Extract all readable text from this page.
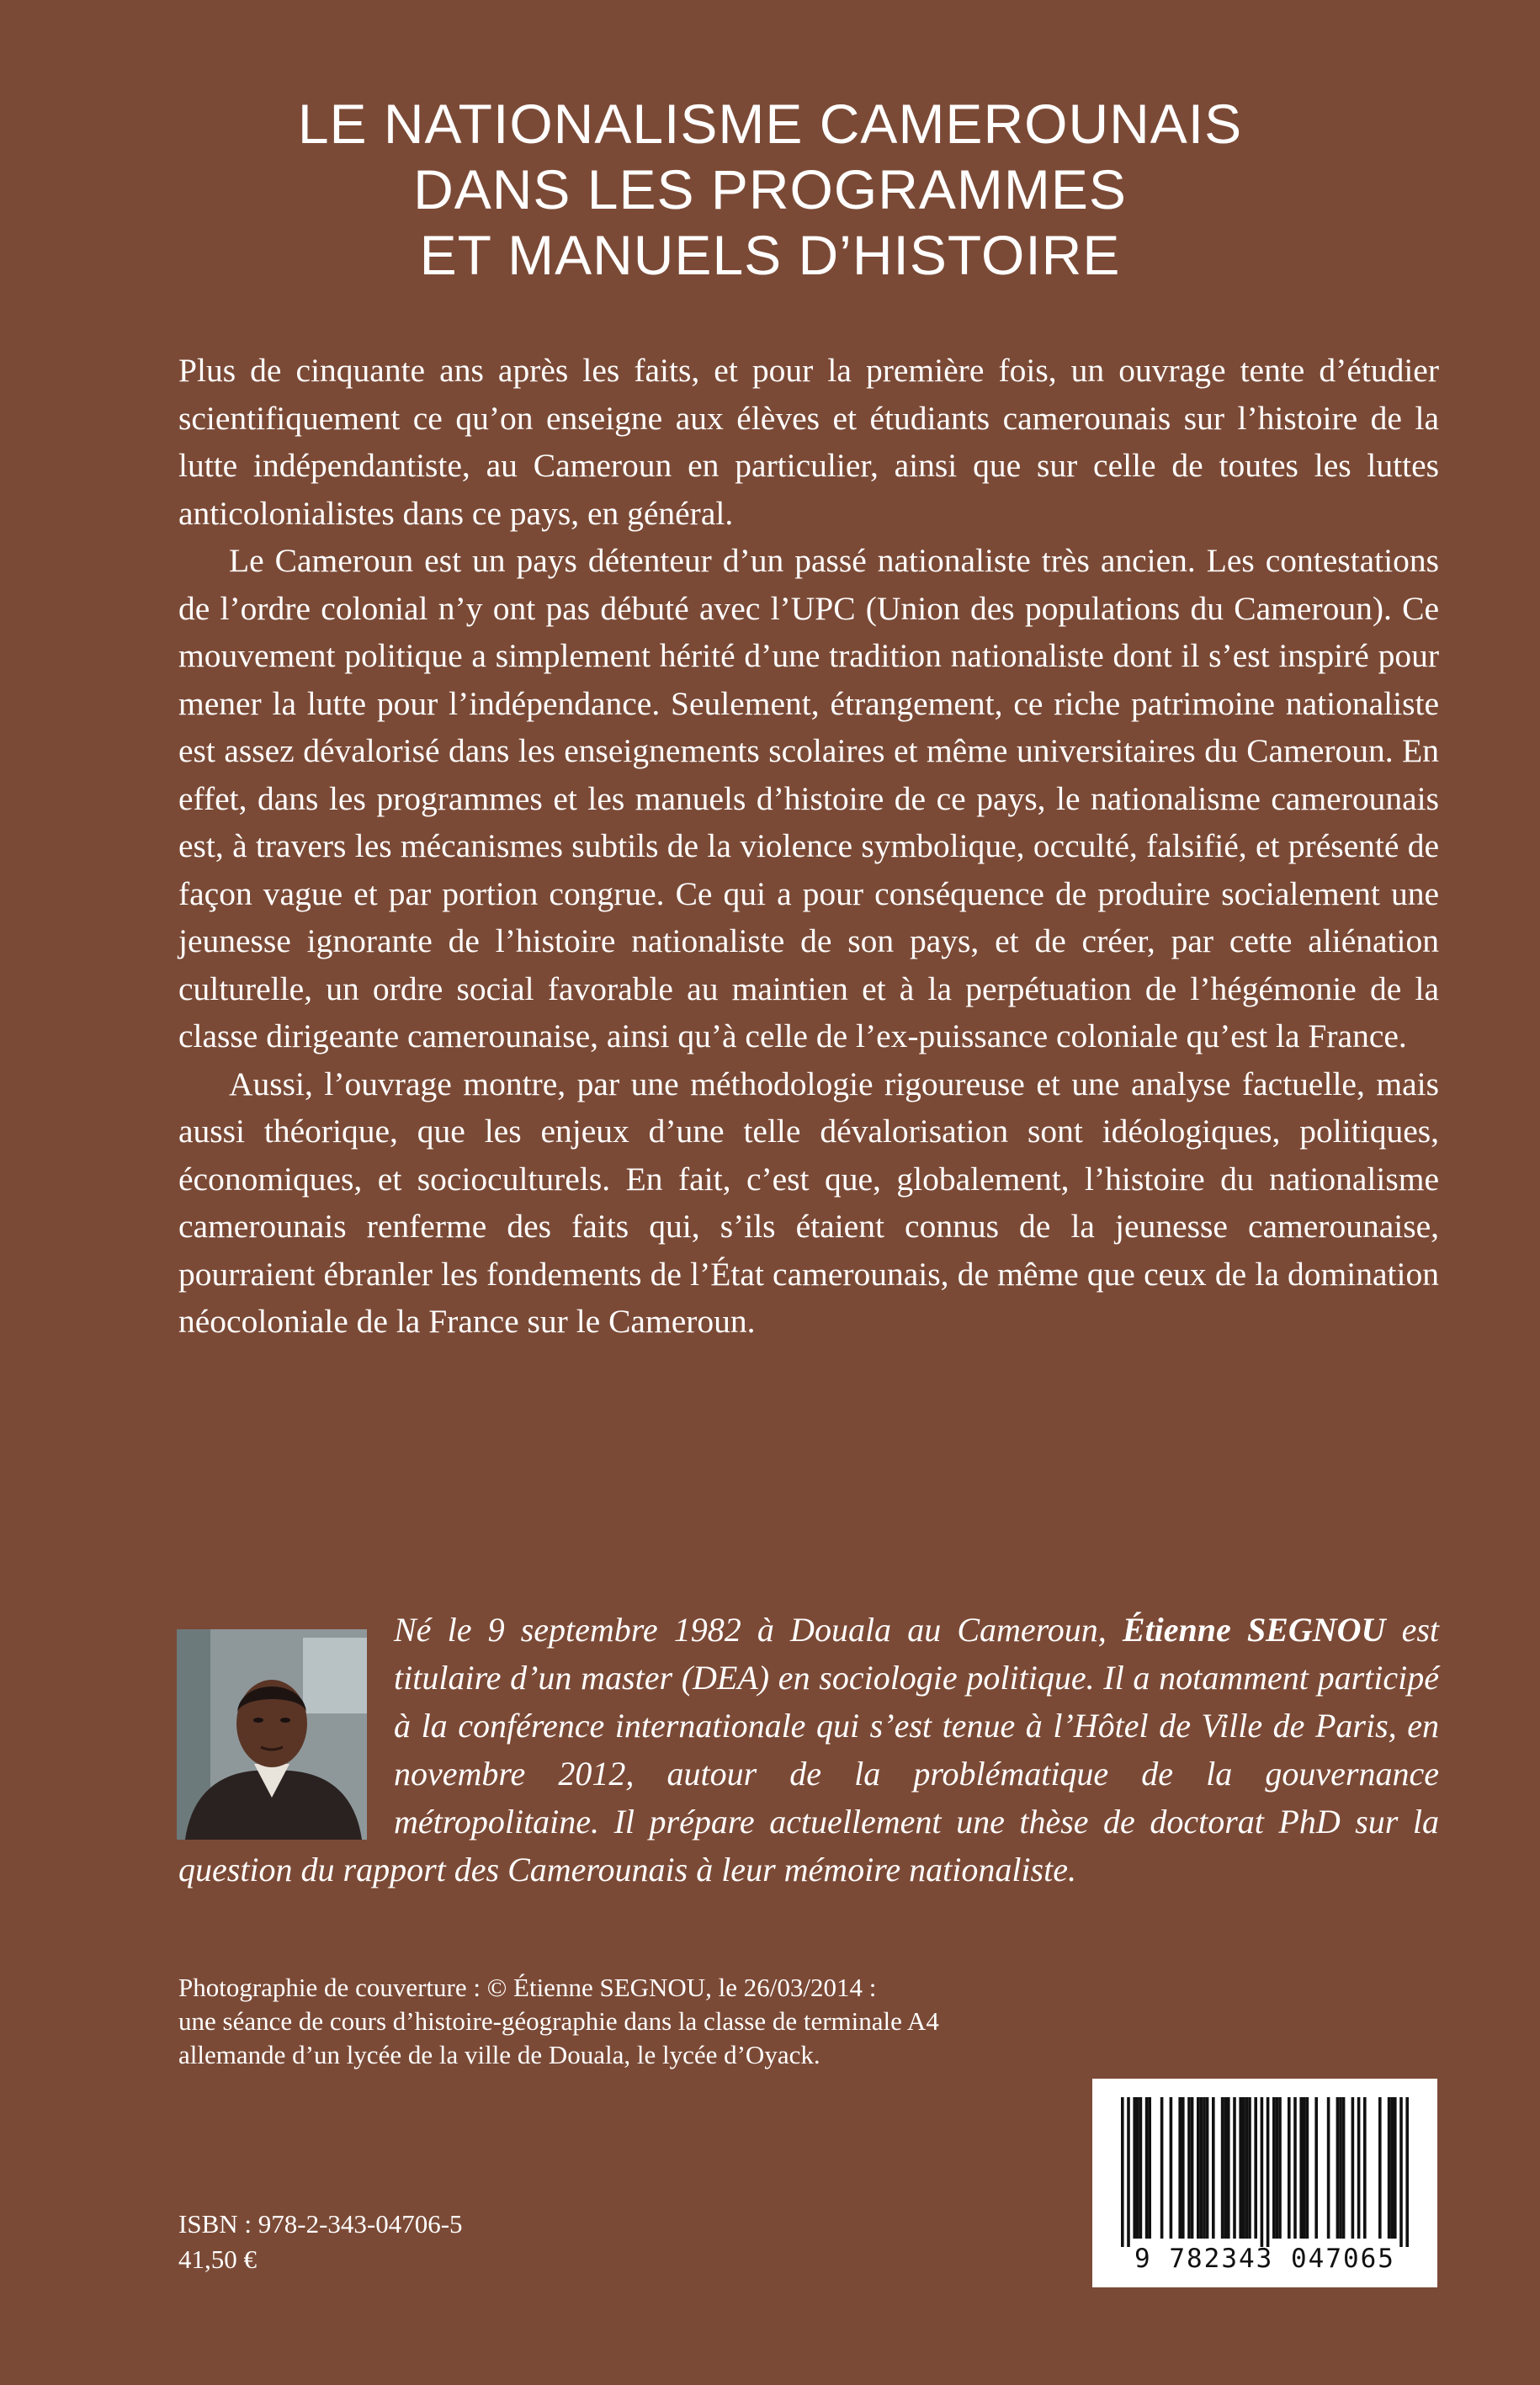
LE NATIONALISME CAMEROUNAIS
DANS LES PROGRAMMES
ET MANUELS D’HISTOIRE

Plus de cinquante ans après les faits, et pour la première fois, un ouvrage tente d’étudier scientifiquement ce qu’on enseigne aux élèves et étudiants camerounais sur l’histoire de la lutte indépendantiste, au Cameroun en particulier, ainsi que sur celle de toutes les luttes anticolonialistes dans ce pays, en général.

Le Cameroun est un pays détenteur d’un passé nationaliste très ancien. Les contestations de l’ordre colonial n’y ont pas débuté avec l’UPC (Union des populations du Cameroun). Ce mouvement politique a simplement hérité d’une tradition nationaliste dont il s’est inspiré pour mener la lutte pour l’indépendance. Seulement, étrangement, ce riche patrimoine nationaliste est assez dévalorisé dans les enseignements scolaires et même universitaires du Cameroun. En effet, dans les programmes et les manuels d’histoire de ce pays, le nationalisme camerounais est, à travers les mécanismes subtils de la violence symbolique, occulté, falsifié, et présenté de façon vague et par portion congrue. Ce qui a pour conséquence de produire socialement une jeunesse ignorante de l’histoire nationaliste de son pays, et de créer, par cette aliénation culturelle, un ordre social favorable au maintien et à la perpétuation de l’hégémonie de la classe dirigeante camerounaise, ainsi qu’à celle de l’ex-puissance coloniale qu’est la France.

Aussi, l’ouvrage montre, par une méthodologie rigoureuse et une analyse factuelle, mais aussi théorique, que les enjeux d’une telle dévalorisation sont idéologiques, politiques, économiques, et socioculturels. En fait, c’est que, globalement, l’histoire du nationalisme camerounais renferme des faits qui, s’ils étaient connus de la jeunesse camerounaise, pourraient ébranler les fondements de l’État camerounais, de même que ceux de la domination néocoloniale de la France sur le Cameroun.

Né le 9 septembre 1982 à Douala au Cameroun, Étienne SEGNOU est titulaire d’un master (DEA) en sociologie politique. Il a notamment participé à la conférence internationale qui s’est tenue à l’Hôtel de Ville de Paris, en novembre 2012, autour de la problématique de la gouvernance métropolitaine. Il prépare actuellement une thèse de doctorat PhD sur la question du rapport des Camerounais à leur mémoire nationaliste.
Photographie de couverture : © Étienne SEGNOU, le 26/03/2014 :
une séance de cours d’histoire-géographie dans la classe de terminale A4
allemande d’un lycée de la ville de Douala, le lycée d’Oyack.
ISBN : 978-2-343-04706-5
41,50 €	9 782343 047065
